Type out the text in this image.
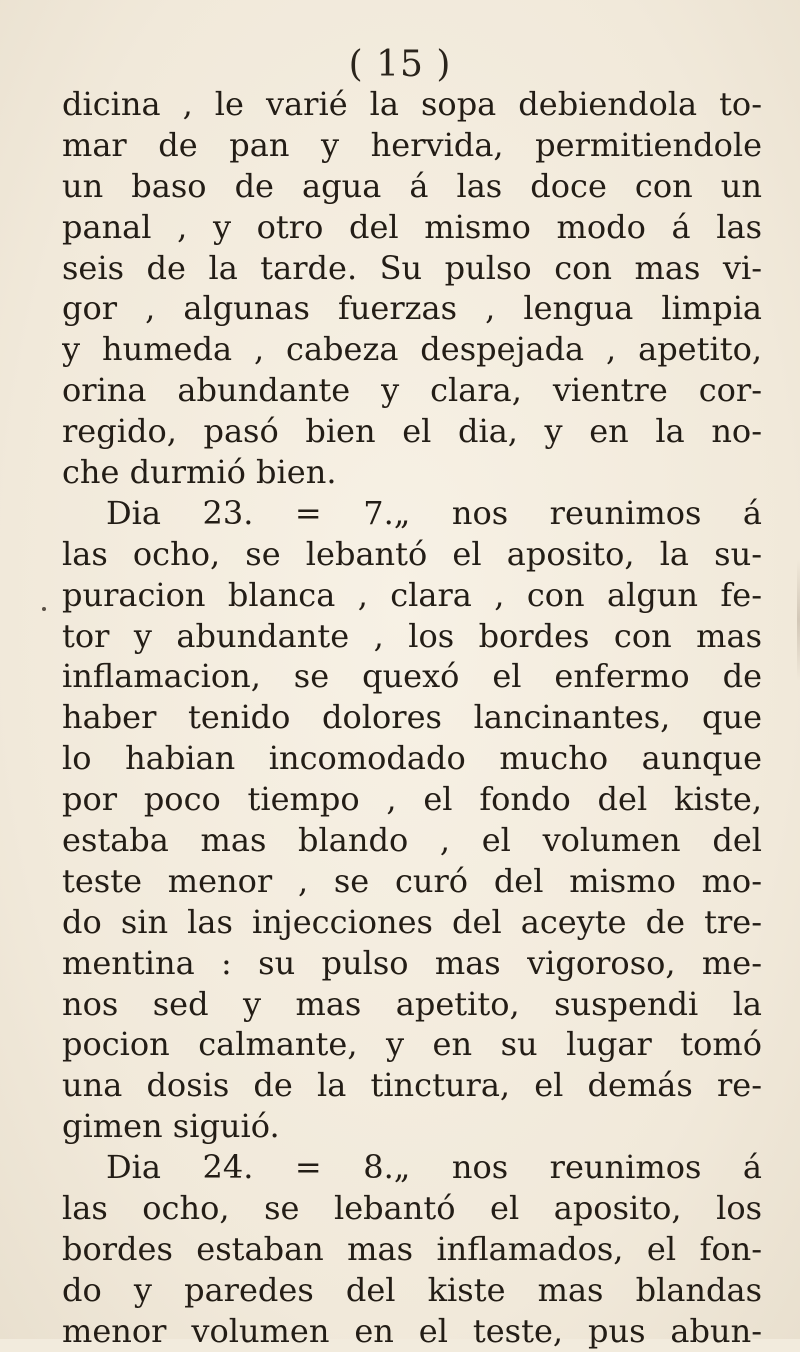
( 15 )
dicina , le varié la sopa debiendola to-
mar de pan y hervida, permitiendole
un baso de agua á las doce con un
panal , y otro del mismo modo á las
seis de la tarde. Su pulso con mas vi-
gor , algunas fuerzas , lengua limpia
y humeda , cabeza despejada , apetito,
orina abundante y clara, vientre cor-
regido, pasó bien el dia, y en la no-
che durmió bien.
Dia 23. = 7.„ nos reunimos á
las ocho, se lebantó el aposito, la su-
puracion blanca , clara , con algun fe-
tor y abundante , los bordes con mas
inflamacion, se quexó el enfermo de
haber tenido dolores lancinantes, que
lo habian incomodado mucho aunque
por poco tiempo , el fondo del kiste,
estaba mas blando , el volumen del
teste menor , se curó del mismo mo-
do sin las injecciones del aceyte de tre-
mentina : su pulso mas vigoroso, me-
nos sed y mas apetito, suspendi la
pocion calmante, y en su lugar tomó
una dosis de la tinctura, el demás re-
gimen siguió.
Dia 24. = 8.„ nos reunimos á
las ocho, se lebantó el aposito, los
bordes estaban mas inflamados, el fon-
do y paredes del kiste mas blandas
menor volumen en el teste, pus abun-
